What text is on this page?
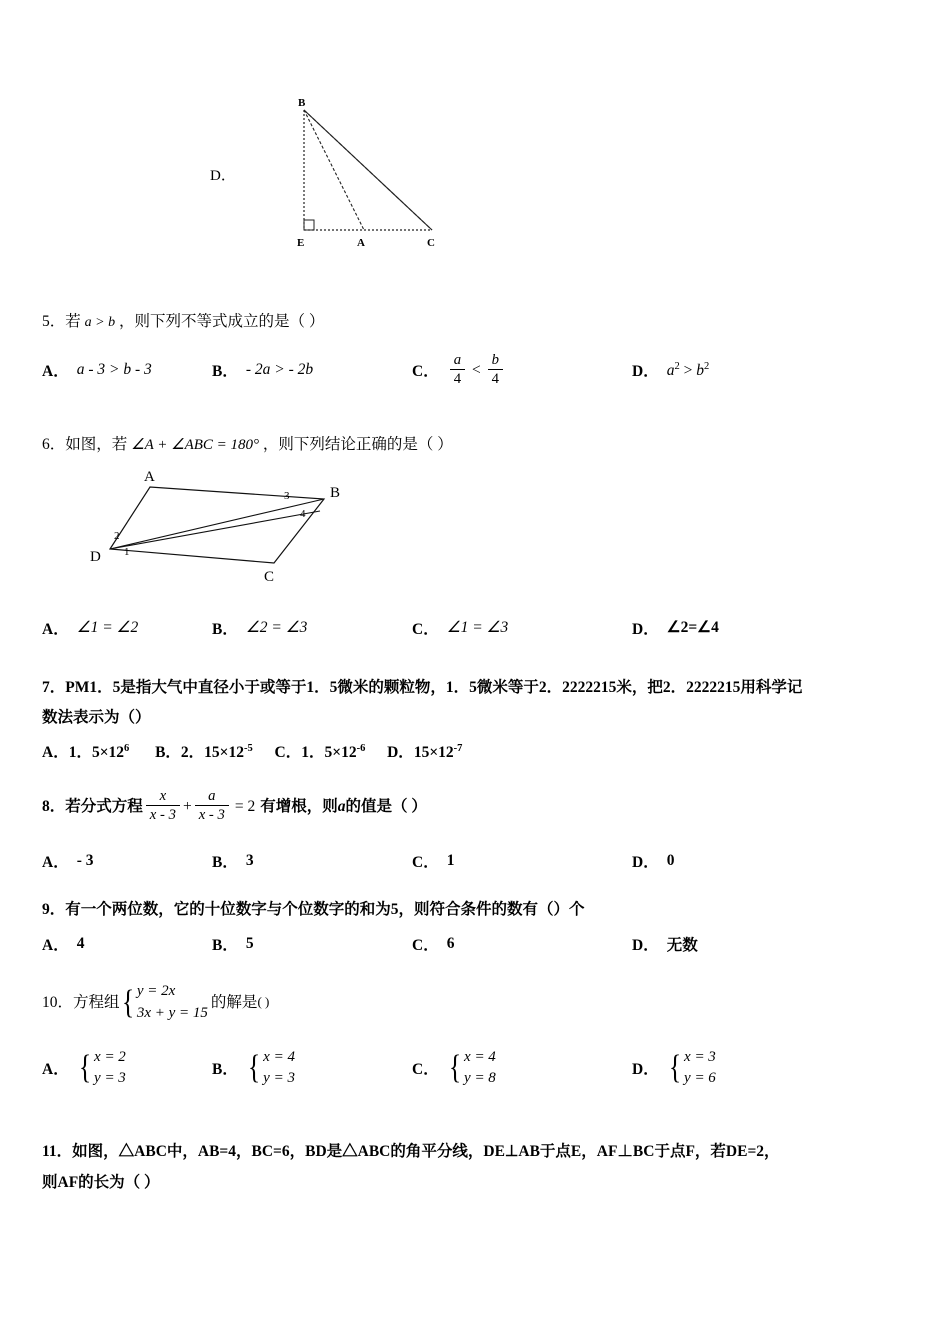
D．
B
E	A	C
5．若 a > b ，则下列不等式成立的是（ ）
A． a - 3 > b - 3	B． - 2a > - 2b	C． $\frac{a}{4} < \frac{b}{4}$	D． $a^2 > b^2$
6．如图，若 ∠A + ∠ABC = 180° ，则下列结论正确的是（ ）
A
B
C
D 1
2
3
4
A． ∠1 = ∠2	B． ∠2 = ∠3	C． ∠1 = ∠3	D． ∠2=∠4
7．PM1．5是指大气中直径小于或等于1．5微米的颗粒物，1．5微米等于2．2222215米，把2．2222215用科学记
数法表示为（）
A．1．$5\times 12^6$ B．2．$15\times 12^{-5}$ C．1．$5\times 12^{-6}$ D．$15\times 12^{-7}$
8． 若分式方程 $\frac{x}{x - 3} + \frac{a}{x - 3} = 2$ 有增根，则 a 的值是（ ）
A． - 3	B． 3	C． 1	D． 0
9．有一个两位数，它的十位数字与个位数字的和为5，则符合条件的数有（）个
A． 4	B． 5	C． 6	D． 无数
10． 方程组 { y = 2x
3x + y = 15
的解是 ( )
A． { x = 2
y = 3	B． { x = 4
y = 3	C． { x = 4
y = 8	D． { x = 3
y = 6
11．如图，△ABC中，AB=4，BC=6，BD是△ABC的角平分线，DE⊥AB于点E，AF⊥BC于点F，若DE=2，
则AF的长为（ ）
